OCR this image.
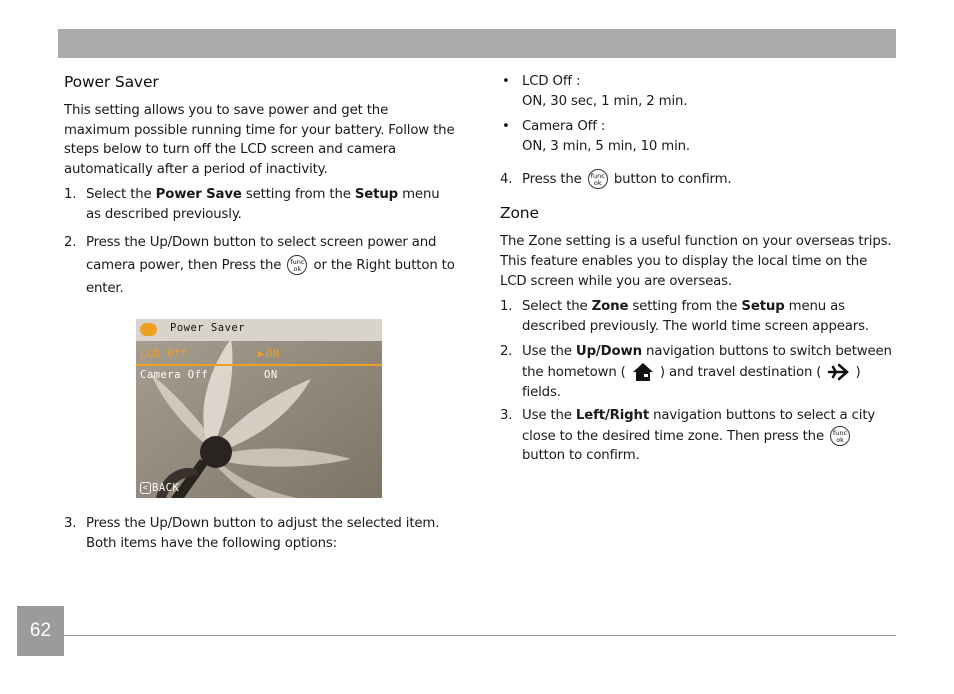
Power Saver

This setting allows you to save power and get the maximum possible running time for your battery. Follow the steps below to turn off the LCD screen and camera automatically after a period of inactivity.

1. Select the Power Save setting from the Setup menu as described previously.
2. Press the Up/Down button to select screen power and camera power, then Press the func
ok or the Right button to enter.
Power Saver
LCD Off	▶ ON
Camera Off	ON
< BACK
3. Press the Up/Down button to adjust the selected item. Both items have the following options:
• LCD Off :
ON, 30 sec, 1 min, 2 min.
• Camera Off :
ON, 3 min, 5 min, 10 min.
4. Press the func
ok button to confirm.
Zone

The Zone setting is a useful function on your overseas trips. This feature enables you to display the local time on the LCD screen while you are overseas.

1. Select the Zone setting from the Setup menu as described previously. The world time screen appears.
2. Use the Up/Down navigation buttons to switch between the hometown (  ) and travel destination (  ) fields.
3. Use the Left/Right navigation buttons to select a city close to the desired time zone. Then press the func
ok
button to confirm.
62
